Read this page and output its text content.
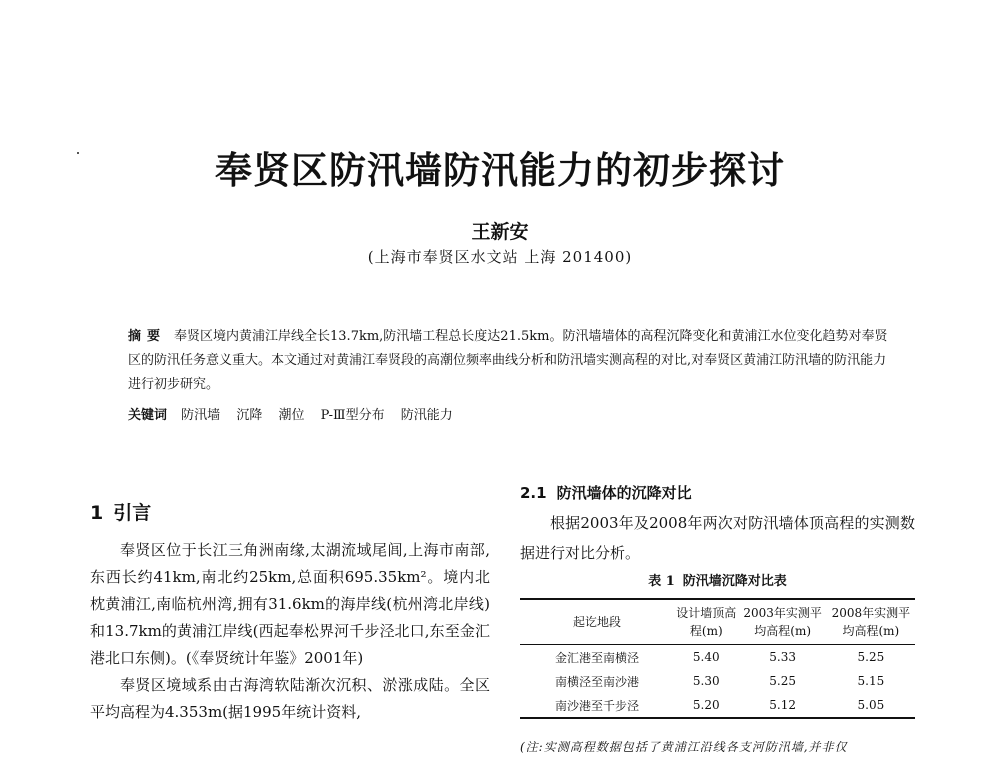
奉贤区防汛墙防汛能力的初步探讨
王新安
(上海市奉贤区水文站 上海 201400)
摘要 奉贤区境内黄浦江岸线全长13.7km,防汛墙工程总长度达21.5km。防汛墙墙体的高程沉降变化和黄浦江水位变化趋势对奉贤区的防汛任务意义重大。本文通过对黄浦江奉贤段的高潮位频率曲线分析和防汛墙实测高程的对比,对奉贤区黄浦江防汛墙的防汛能力进行初步研究。
关键词 防汛墙 沉降 潮位 P-Ⅲ型分布 防汛能力
1 引言

奉贤区位于长江三角洲南缘,太湖流域尾闾,上海市南部,东西长约41km,南北约25km,总面积695.35km²。境内北枕黄浦江,南临杭州湾,拥有31.6km的海岸线(杭州湾北岸线)和13.7km的黄浦江岸线(西起奉松界河千步泾北口,东至金汇港北口东侧)。(《奉贤统计年鉴》2001年)

奉贤区境域系由古海湾软陆渐次沉积、淤涨成陆。全区平均高程为4.353m(据1995年统计资料,

2.1 防汛墙体的沉降对比

根据2003年及2008年两次对防汛墙体顶高程的实测数据进行对比分析。

表 1 防汛墙沉降对比表
起讫地段	设计墙顶高程(m)	2003年实测平均高程(m)	2008年实测平均高程(m)
金汇港至南横泾	5.40	5.33	5.25
南横泾至南沙港	5.30	5.25	5.15
南沙港至千步泾	5.20	5.12	5.05
(注:实测高程数据包括了黄浦江沿线各支河防汛墙,并非仅
